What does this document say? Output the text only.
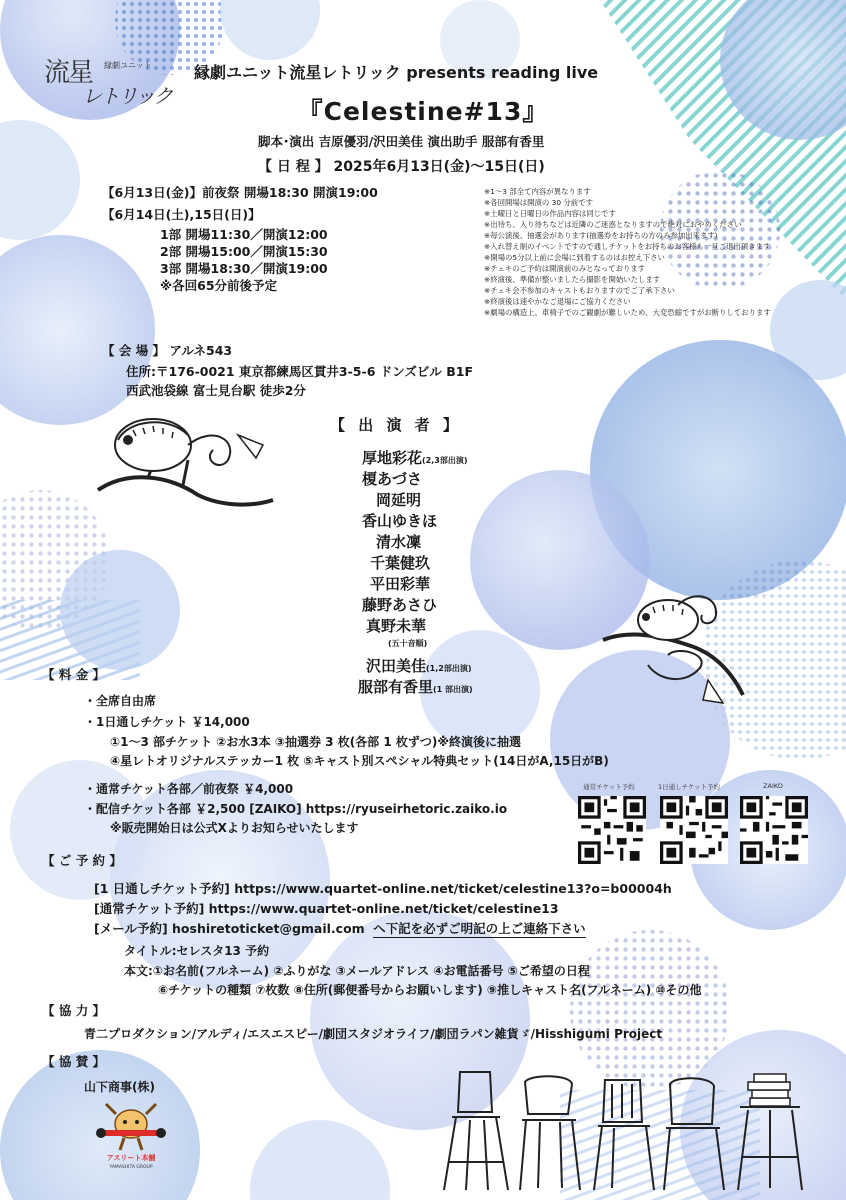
流星 縁劇ユニット
レトリック
縁劇ユニット流星レトリック presents reading live
『Celestine#13』
脚本･演出 吉原優羽/沢田美佳 演出助手 服部有香里
【 日 程 】 2025年6月13日(金)～15日(日)
【6月13日(金)】前夜祭 開場18:30 開演19:00
【6月14日(土),15日(日)】
1部 開場11:30／開演12:00
2部 開場15:00／開演15:30
3部 開場18:30／開演19:00
※各回65分前後予定
※1～3 部全て内容が異なります
※各回開場は開演の 30 分前です
※土曜日と日曜日の作品内容は同じです
※出待ち、入り待ちなどは近隣のご迷惑となりますので絶対におやめください
※毎公演後、抽選会があります(抽選券をお持ちの方のみ参加出来ます)
※入れ替え制のイベントですので通しチケットをお持ちのお客様も一旦ご退出頂きます
※開場の5分以上前に会場に到着するのはお控え下さい
※チェキのご予約は開演前のみとなっております
※終演後、準備が整いましたら撮影を開始いたします
※チェキ会不参加のキャストもおりますのでご了承下さい
※終演後は速やかなご退場にご協力ください
※劇場の構造上、車椅子でのご観劇が難しいため、大変恐縮ですがお断りしております
【 会 場 】 アルネ543
住所:〒176-0021 東京都練馬区貫井3-5-6 ドンズビル B1F
西武池袋線 富士見台駅 徒歩2分
【 出 演 者 】
厚地彩花(2,3部出演)
榎あづさ
岡延明
香山ゆきほ
清水凜
千葉健玖
平田彩華
藤野あさひ
真野未華
(五十音順)
沢田美佳(1,2部出演)
服部有香里(1 部出演)
【 料 金 】
・全席自由席
・1日通しチケット ￥14,000
①1～3 部チケット ②お水3本 ③抽選券 3 枚(各部 1 枚ずつ)※終演後に抽選
④星レトオリジナルステッカー1 枚 ⑤キャスト別スペシャル特典セット(14日がA,15日がB)
・通常チケット各部／前夜祭 ￥4,000
・配信チケット各部 ￥2,500 [ZAIKO] https://ryuseirhetoric.zaiko.io
※販売開始日は公式Xよりお知らせいたします
通常チケット予約	1日通しチケット予約	ZAIKO
【 ご 予 約 】
[1 日通しチケット予約] https://www.quartet-online.net/ticket/celestine13?o=b00004h
[通常チケット予約] https://www.quartet-online.net/ticket/celestine13
[メール予約] hoshiretoticket@gmail.com へ下記を必ずご明記の上ご連絡下さい
タイトル:セレスタ13 予約
本文:①お名前(フルネーム) ②ふりがな ③メールアドレス ④お電話番号 ⑤ご希望の日程
⑥チケットの種類 ⑦枚数 ⑧住所(郵便番号からお願いします) ⑨推しキャスト名(フルネーム) ⑩その他
【 協 力 】
青二プロダクション/アルディ/エスエスピー/劇団スタジオライフ/劇団ラパン雑貨ゞ/Hisshigumi Project
【 協 賛 】
山下商事(株)
アスリート本舗
YAMASHITA GROUP
